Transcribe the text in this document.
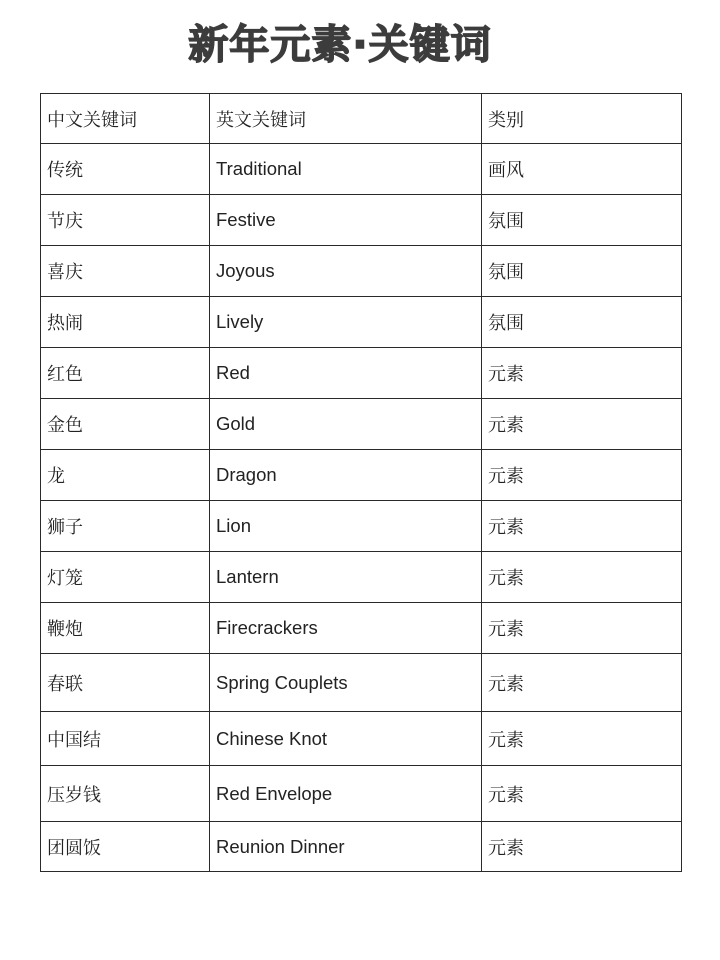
新年元素·关键词
中文关键词	英文关键词	类别
传统	Traditional	画风
节庆	Festive	氛围
喜庆	Joyous	氛围
热闹	Lively	氛围
红色	Red	元素
金色	Gold	元素
龙	Dragon	元素
狮子	Lion	元素
灯笼	Lantern	元素
鞭炮	Firecrackers	元素
春联	Spring Couplets	元素
中国结	Chinese Knot	元素
压岁钱	Red Envelope	元素
团圆饭	Reunion Dinner	元素
